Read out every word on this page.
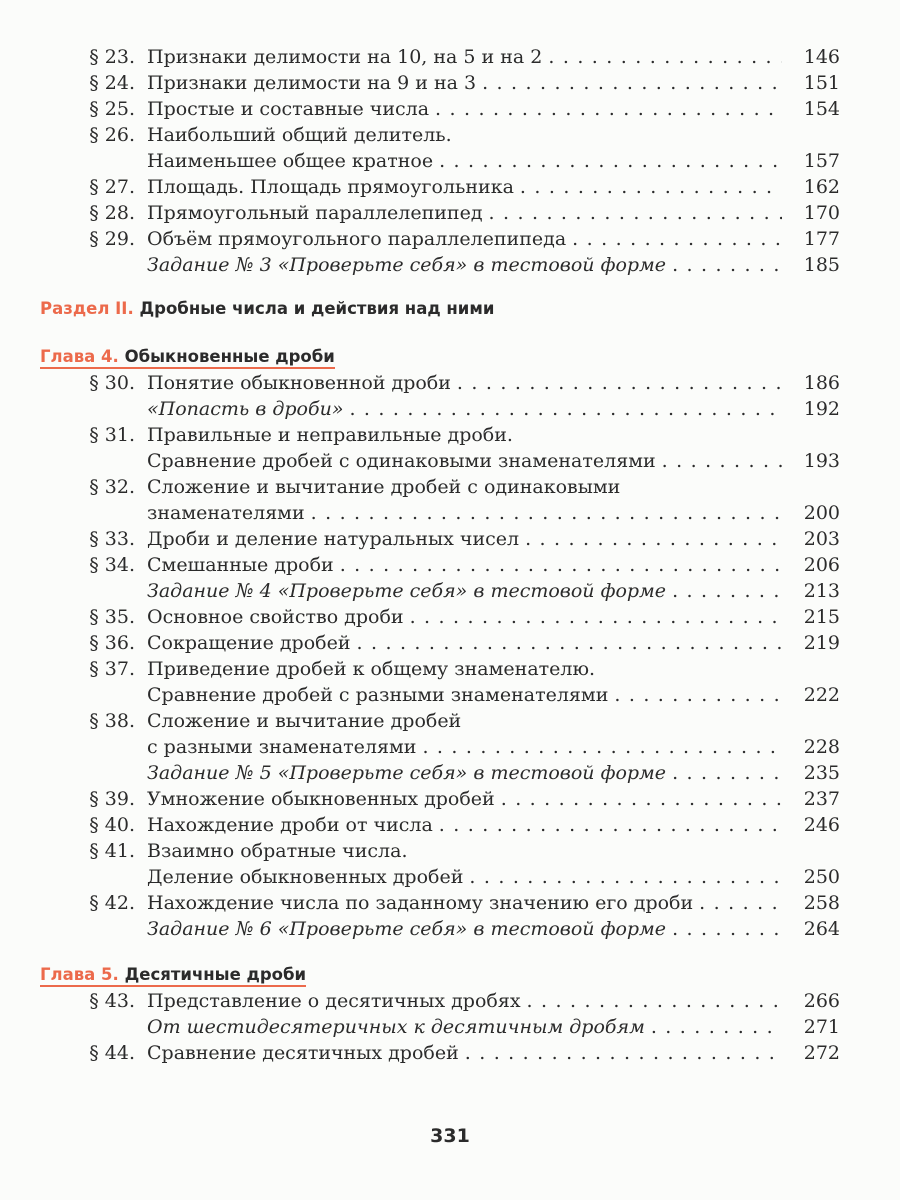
§ 23. Признаки делимости на 10, на 5 и на 2 . . .	146
§ 24. Признаки делимости на 9 и на 3 . . .	151
§ 25. Простые и составные числа . . .	154
§ 26. Наибольший общий делитель.
Наименьшее общее кратное . . .	157
§ 27. Площадь. Площадь прямоугольника . . .	162
§ 28. Прямоугольный параллелепипед . . .	170
§ 29. Объём прямоугольного параллелепипеда . . .	177
Задание № 3 «Проверьте себя» в тестовой форме . . .	185
Раздел II. Дробные числа и действия над ними
Глава 4. Обыкновенные дроби
§ 30. Понятие обыкновенной дроби . . .	186
«Попасть в дроби» . . .	192
§ 31. Правильные и неправильные дроби.
Сравнение дробей с одинаковыми знаменателями . . .	193
§ 32. Сложение и вычитание дробей с одинаковыми
знаменателями . . .	200
§ 33. Дроби и деление натуральных чисел . . .	203
§ 34. Смешанные дроби . . .	206
Задание № 4 «Проверьте себя» в тестовой форме . . .	213
§ 35. Основное свойство дроби . . .	215
§ 36. Сокращение дробей . . .	219
§ 37. Приведение дробей к общему знаменателю.
Сравнение дробей с разными знаменателями . . .	222
§ 38. Сложение и вычитание дробей
с разными знаменателями . . .	228
Задание № 5 «Проверьте себя» в тестовой форме . . .	235
§ 39. Умножение обыкновенных дробей . . .	237
§ 40. Нахождение дроби от числа . . .	246
§ 41. Взаимно обратные числа.
Деление обыкновенных дробей . . .	250
§ 42. Нахождение числа по заданному значению его дроби . . .	258
Задание № 6 «Проверьте себя» в тестовой форме . . .	264
Глава 5. Десятичные дроби
§ 43. Представление о десятичных дробях . . .	266
От шестидесятеричных к десятичным дробям . . .	271
§ 44. Сравнение десятичных дробей . . .	272
331
